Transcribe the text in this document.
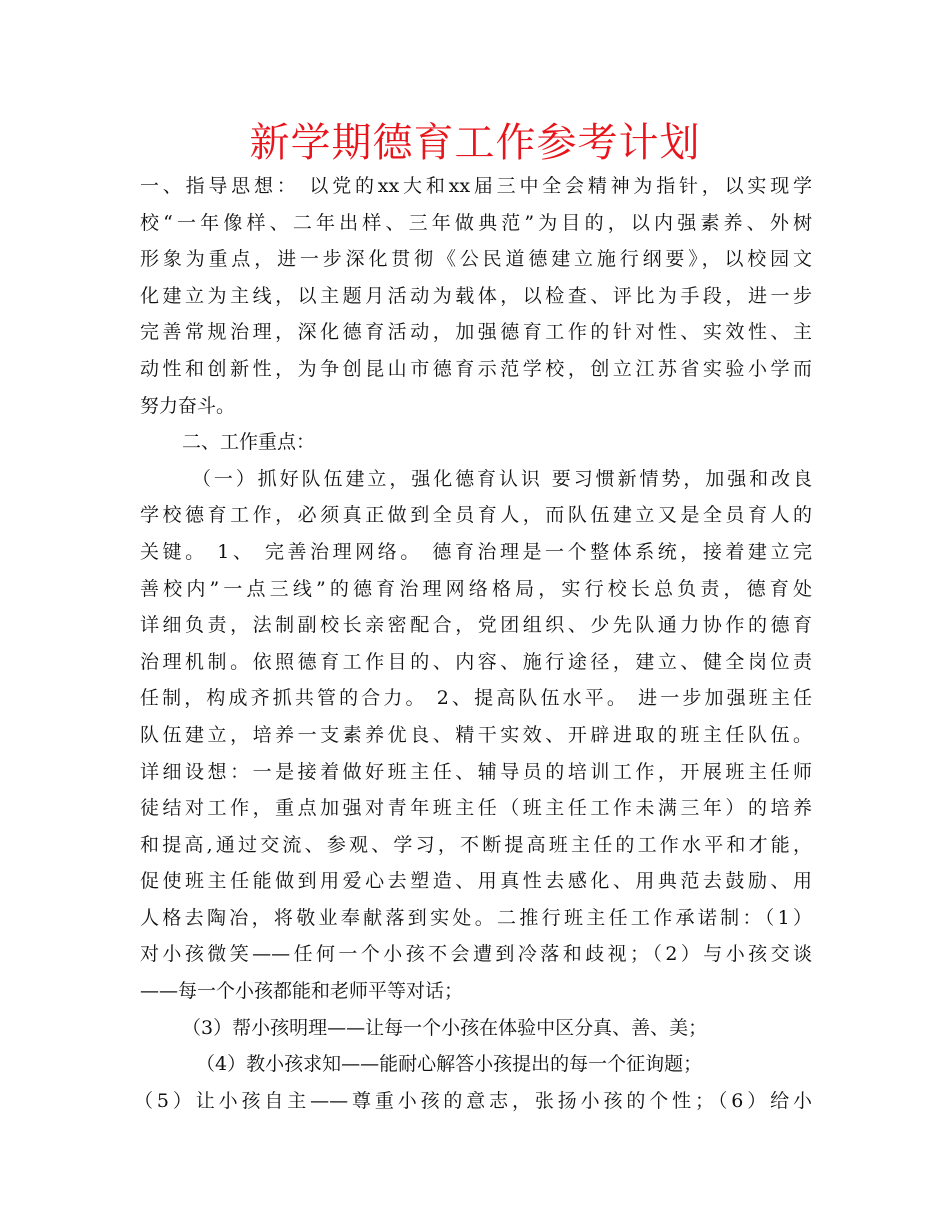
新学期德育工作参考计划
一、指导思想： 以党的xx大和xx届三中全会精神为指针，以实现学
校“一年像样、二年出样、三年做典范”为目的，以内强素养、外树
形象为重点，进一步深化贯彻《公民道德建立施行纲要》，以校园文
化建立为主线，以主题月活动为载体，以检查、评比为手段，进一步
完善常规治理，深化德育活动，加强德育工作的针对性、实效性、主
动性和创新性，为争创昆山市德育示范学校，创立江苏省实验小学而
努力奋斗。
二、工作重点：
（一）抓好队伍建立，强化德育认识 要习惯新情势，加强和改良
学校德育工作，必须真正做到全员育人，而队伍建立又是全员育人的
关键。 1、 完善治理网络。 德育治理是一个整体系统，接着建立完
善校内”一点三线”的德育治理网络格局，实行校长总负责，德育处
详细负责，法制副校长亲密配合，党团组织、少先队通力协作的德育
治理机制。依照德育工作目的、内容、施行途径，建立、健全岗位责
任制，构成齐抓共管的合力。 2、提高队伍水平。 进一步加强班主任
队伍建立，培养一支素养优良、精干实效、开辟进取的班主任队伍。
详细设想：一是接着做好班主任、辅导员的培训工作，开展班主任师
徒结对工作，重点加强对青年班主任（班主任工作未满三年）的培养
和提高,通过交流、参观、学习，不断提高班主任的工作水平和才能，
促使班主任能做到用爱心去塑造、用真性去感化、用典范去鼓励、用
人格去陶冶，将敬业奉献落到实处。二推行班主任工作承诺制：（1）
对小孩微笑——任何一个小孩不会遭到冷落和歧视；（2）与小孩交谈
——每一个小孩都能和老师平等对话；
（3）帮小孩明理——让每一个小孩在体验中区分真、善、美；
（4）教小孩求知——能耐心解答小孩提出的每一个征询题；
（5）让小孩自主——尊重小孩的意志，张扬小孩的个性；（6）给小
